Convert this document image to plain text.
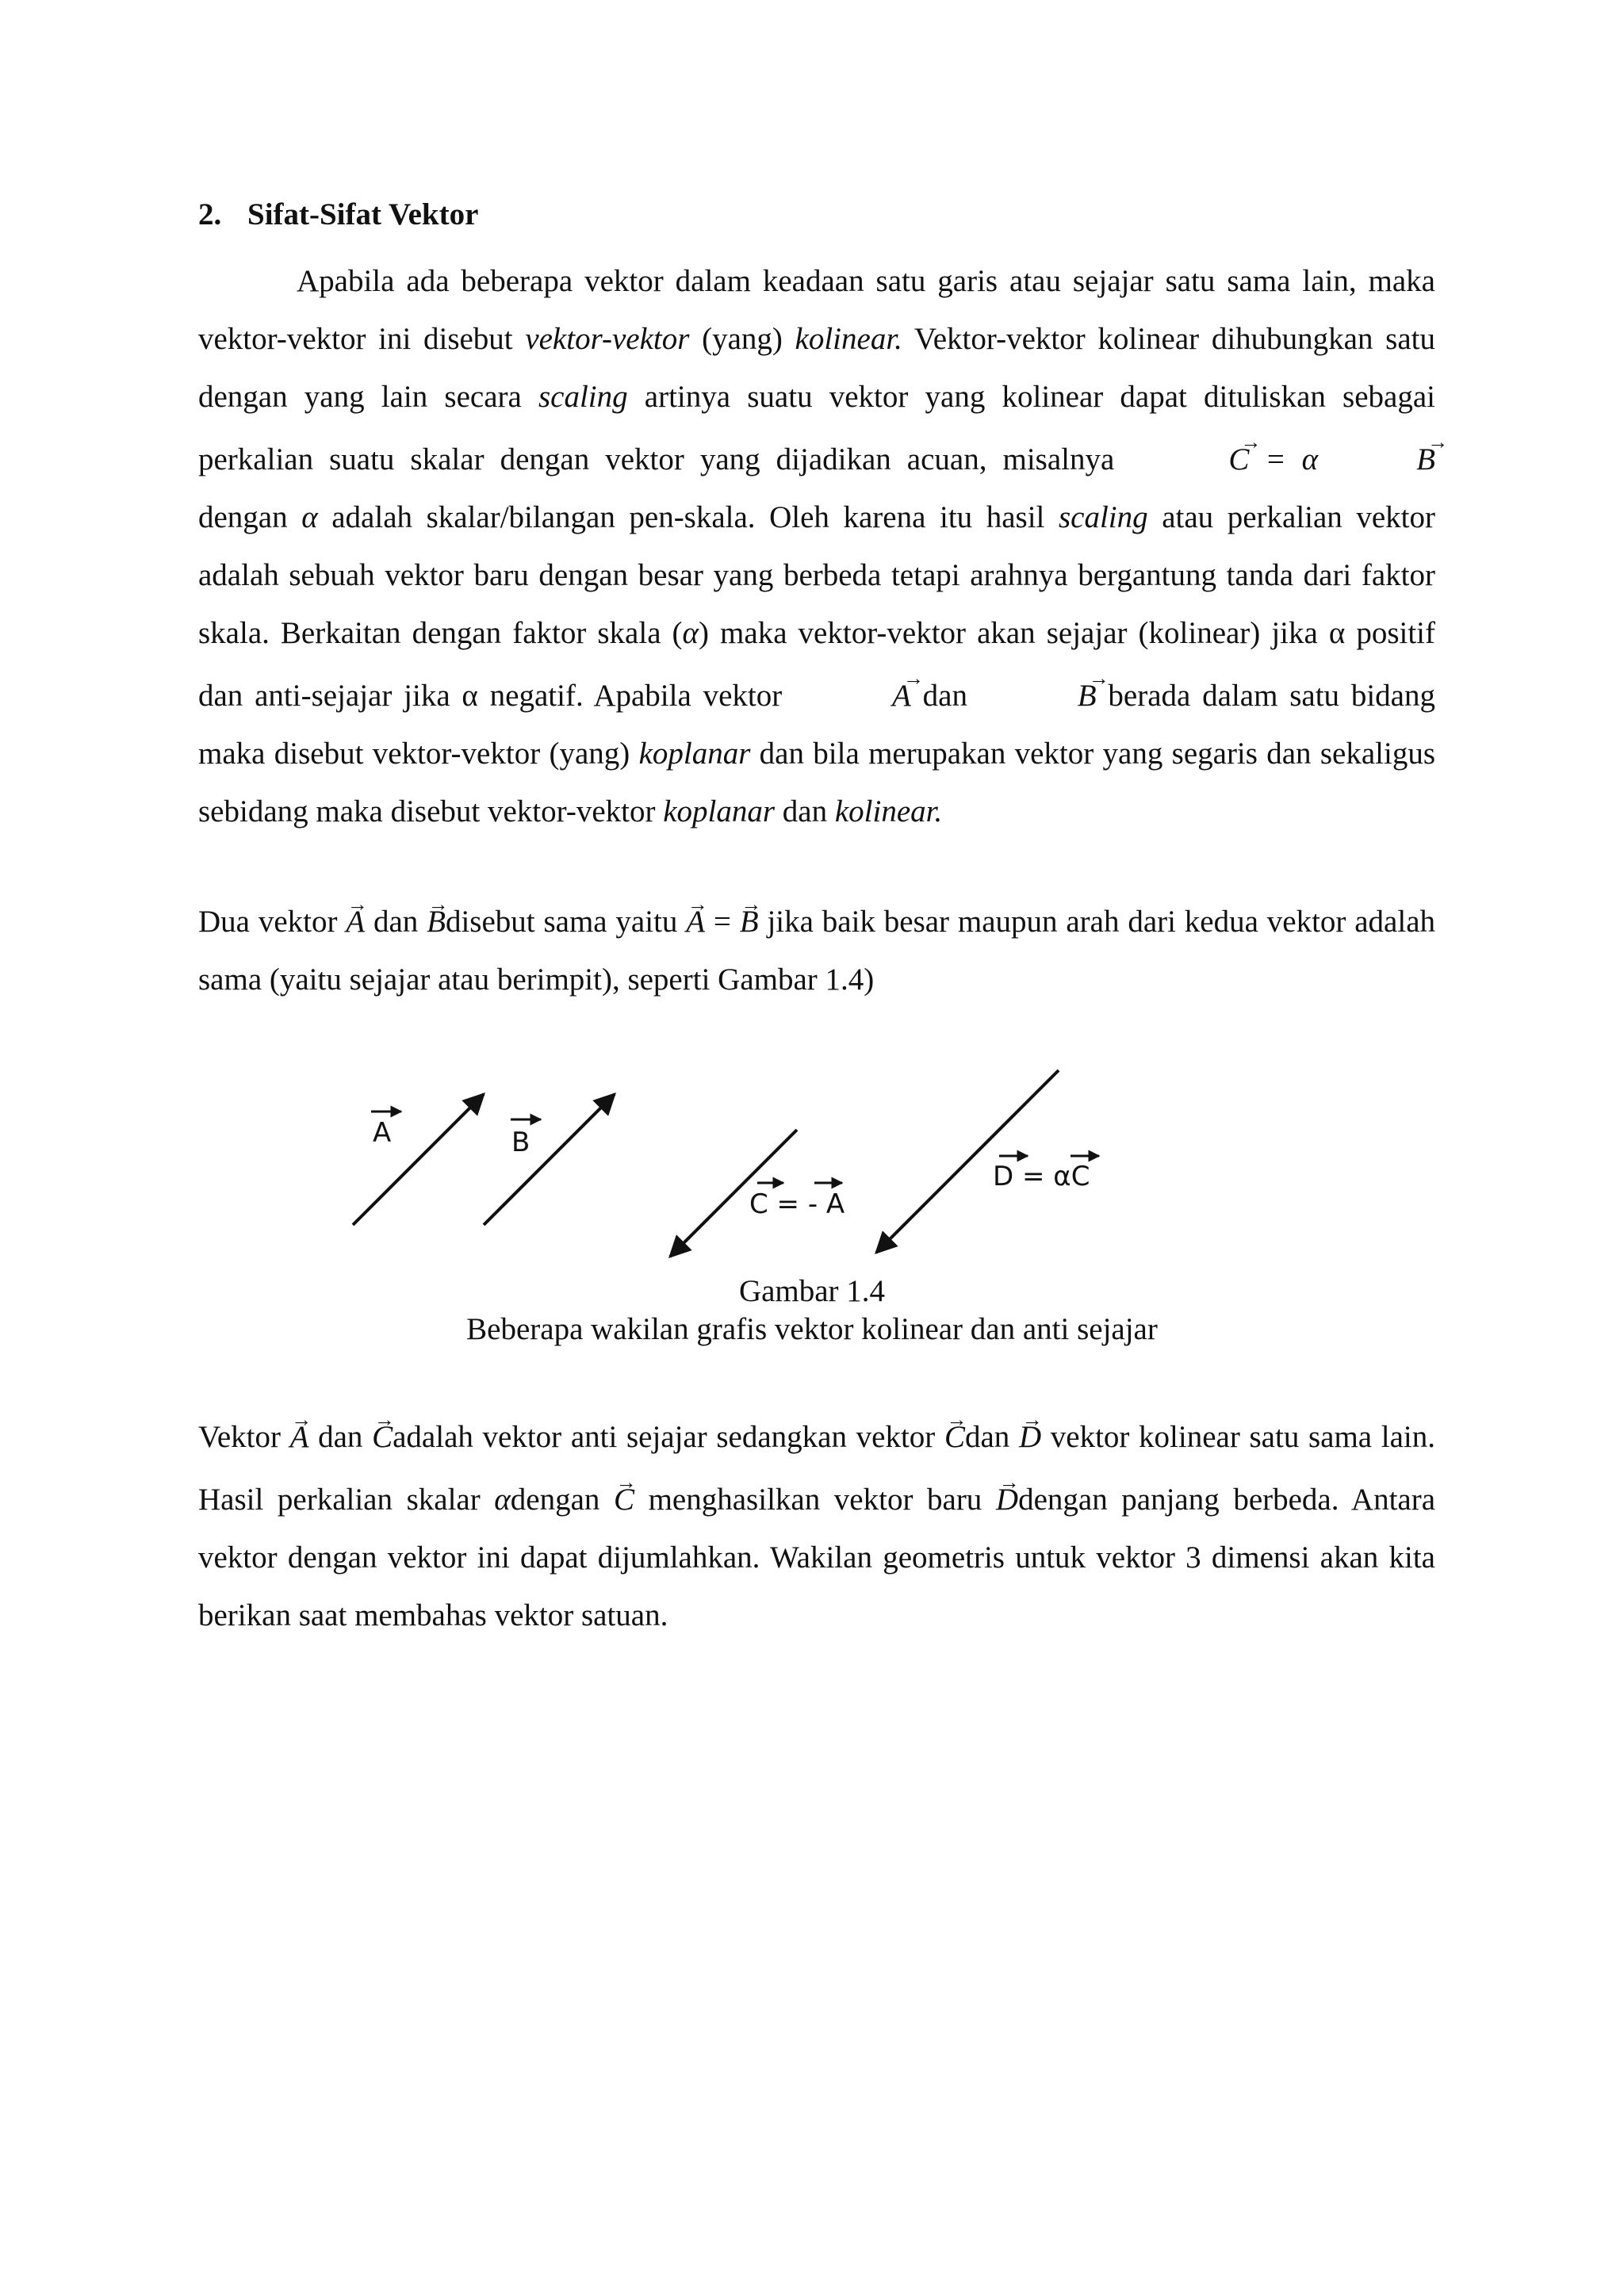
2. Sifat-Sifat Vektor

Apabila ada beberapa vektor dalam keadaan satu garis atau sejajar satu sama lain, maka vektor-vektor ini disebut vektor-vektor (yang) kolinear. Vektor-vektor kolinear dihubungkan satu dengan yang lain secara scaling artinya suatu vektor yang kolinear dapat dituliskan sebagai perkalian suatu skalar dengan vektor yang dijadikan acuan, misalnya	→ C = α	→ B dengan α adalah skalar/bilangan pen-skala. Oleh karena itu hasil scaling atau perkalian vektor adalah sebuah vektor baru dengan besar yang berbeda tetapi arahnya bergantung tanda dari faktor skala. Berkaitan dengan faktor skala (α) maka vektor-vektor akan sejajar (kolinear) jika α positif dan anti-sejajar jika α negatif. Apabila vektor	→ A dan	→ B berada dalam satu bidang maka disebut vektor-vektor (yang) koplanar dan bila merupakan vektor yang segaris dan sekaligus sebidang maka disebut vektor-vektor koplanar dan kolinear.

Dua vektor → A dan → Bdisebut sama yaitu → A = → B jika baik besar maupun arah dari kedua vektor adalah sama (yaitu sejajar atau berimpit), seperti Gambar 1.4)

A	B
C = - A
D = αC
Gambar 1.4
Beberapa wakilan grafis vektor kolinear dan anti sejajar

Vektor → A dan → Cadalah vektor anti sejajar sedangkan vektor → Cdan → D vektor kolinear satu sama lain. Hasil perkalian skalar αdengan → C menghasilkan vektor baru → Ddengan panjang berbeda. Antara vektor dengan vektor ini dapat dijumlahkan. Wakilan geometris untuk vektor 3 dimensi akan kita berikan saat membahas vektor satuan.
